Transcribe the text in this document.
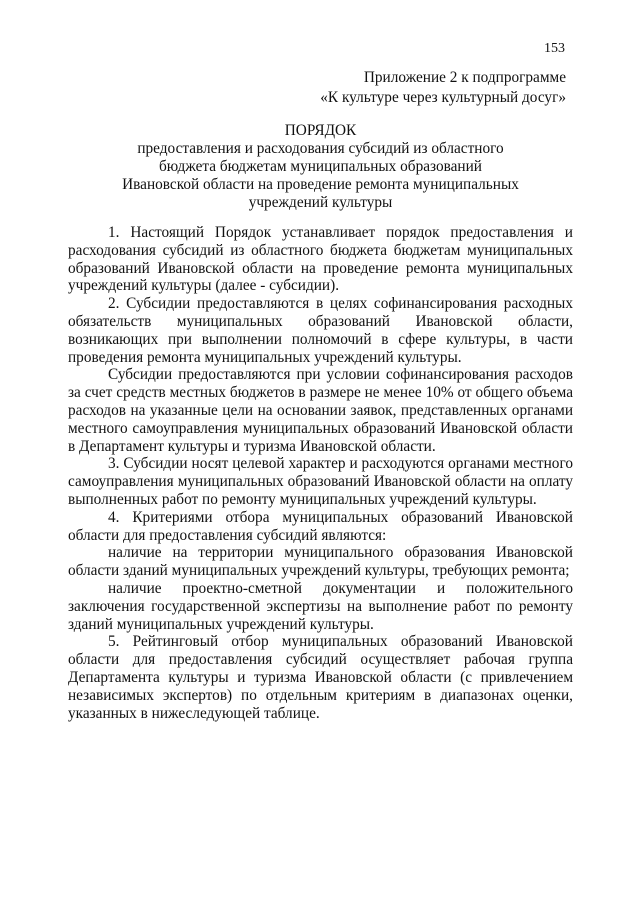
153
Приложение 2 к подпрограмме
«К культуре через культурный досуг»
ПОРЯДОК
предоставления и расходования субсидий из областного
бюджета бюджетам муниципальных образований
Ивановской области на проведение ремонта муниципальных
учреждений культуры

1. Настоящий Порядок устанавливает порядок предоставления и расходования субсидий из областного бюджета бюджетам муниципальных образований Ивановской области на проведение ремонта муниципальных учреждений культуры (далее - субсидии).

2. Субсидии предоставляются в целях софинансирования расходных обязательств муниципальных образований Ивановской области, возникающих при выполнении полномочий в сфере культуры, в части проведения ремонта муниципальных учреждений культуры.

Субсидии предоставляются при условии софинансирования расходов за счет средств местных бюджетов в размере не менее 10% от общего объема расходов на указанные цели на основании заявок, представленных органами местного самоуправления муниципальных образований Ивановской области в Департамент культуры и туризма Ивановской области.

3. Субсидии носят целевой характер и расходуются органами местного самоуправления муниципальных образований Ивановской области на оплату выполненных работ по ремонту муниципальных учреждений культуры.

4. Критериями отбора муниципальных образований Ивановской области для предоставления субсидий являются:

наличие на территории муниципального образования Ивановской области зданий муниципальных учреждений культуры, требующих ремонта;

наличие проектно-сметной документации и положительного заключения государственной экспертизы на выполнение работ по ремонту зданий муниципальных учреждений культуры.

5. Рейтинговый отбор муниципальных образований Ивановской области для предоставления субсидий осуществляет рабочая группа Департамента культуры и туризма Ивановской области (с привлечением независимых экспертов) по отдельным критериям в диапазонах оценки, указанных в нижеследующей таблице.
